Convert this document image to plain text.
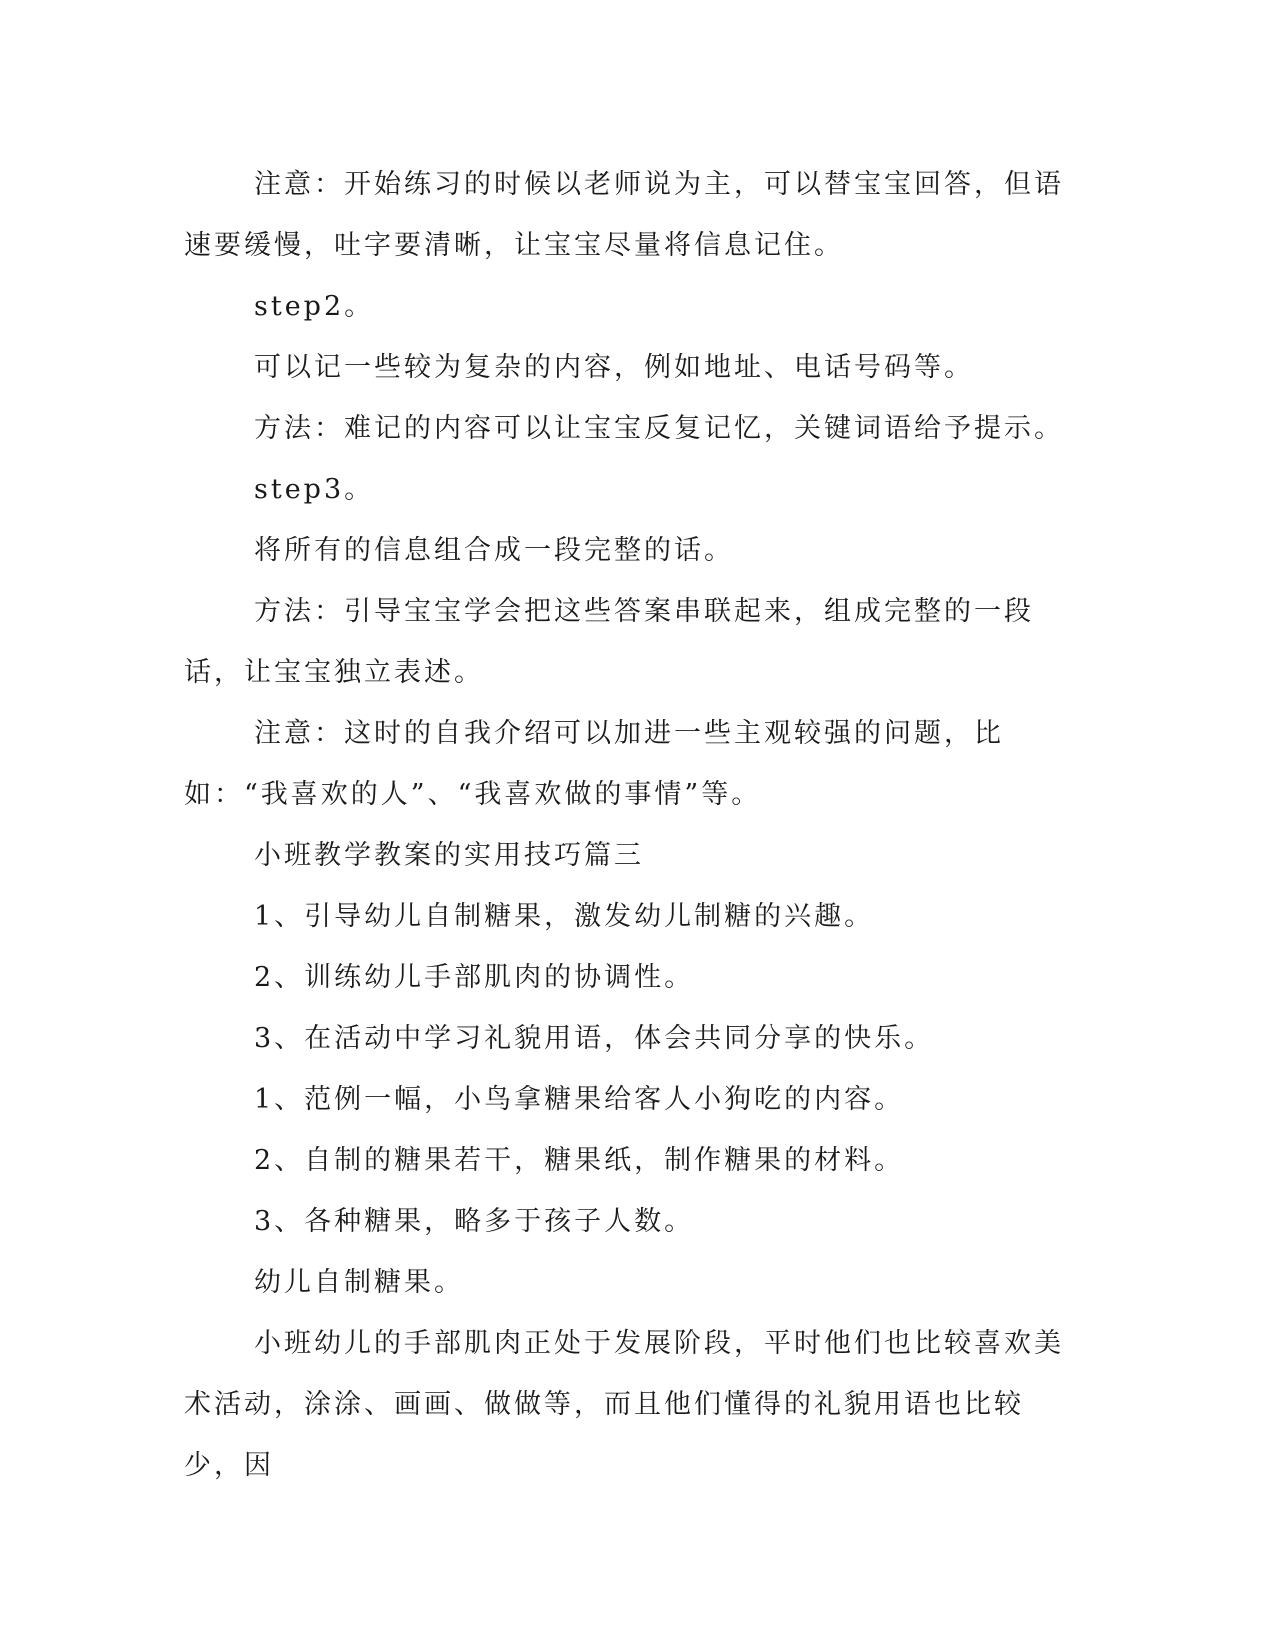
注意：开始练习的时候以老师说为主，可以替宝宝回答，但语速要缓慢，吐字要清晰，让宝宝尽量将信息记住。

step2。

可以记一些较为复杂的内容，例如地址、电话号码等。

方法：难记的内容可以让宝宝反复记忆，关键词语给予提示。

step3。

将所有的信息组合成一段完整的话。

方法：引导宝宝学会把这些答案串联起来，组成完整的一段话，让宝宝独立表述。

注意：这时的自我介绍可以加进一些主观较强的问题，比如：“我喜欢的人”、“我喜欢做的事情”等。

小班教学教案的实用技巧篇三

1、引导幼儿自制糖果，激发幼儿制糖的兴趣。

2、训练幼儿手部肌肉的协调性。

3、在活动中学习礼貌用语，体会共同分享的快乐。

1、范例一幅，小鸟拿糖果给客人小狗吃的内容。

2、自制的糖果若干，糖果纸，制作糖果的材料。

3、各种糖果，略多于孩子人数。

幼儿自制糖果。

小班幼儿的手部肌肉正处于发展阶段，平时他们也比较喜欢美术活动，涂涂、画画、做做等，而且他们懂得的礼貌用语也比较少，因
